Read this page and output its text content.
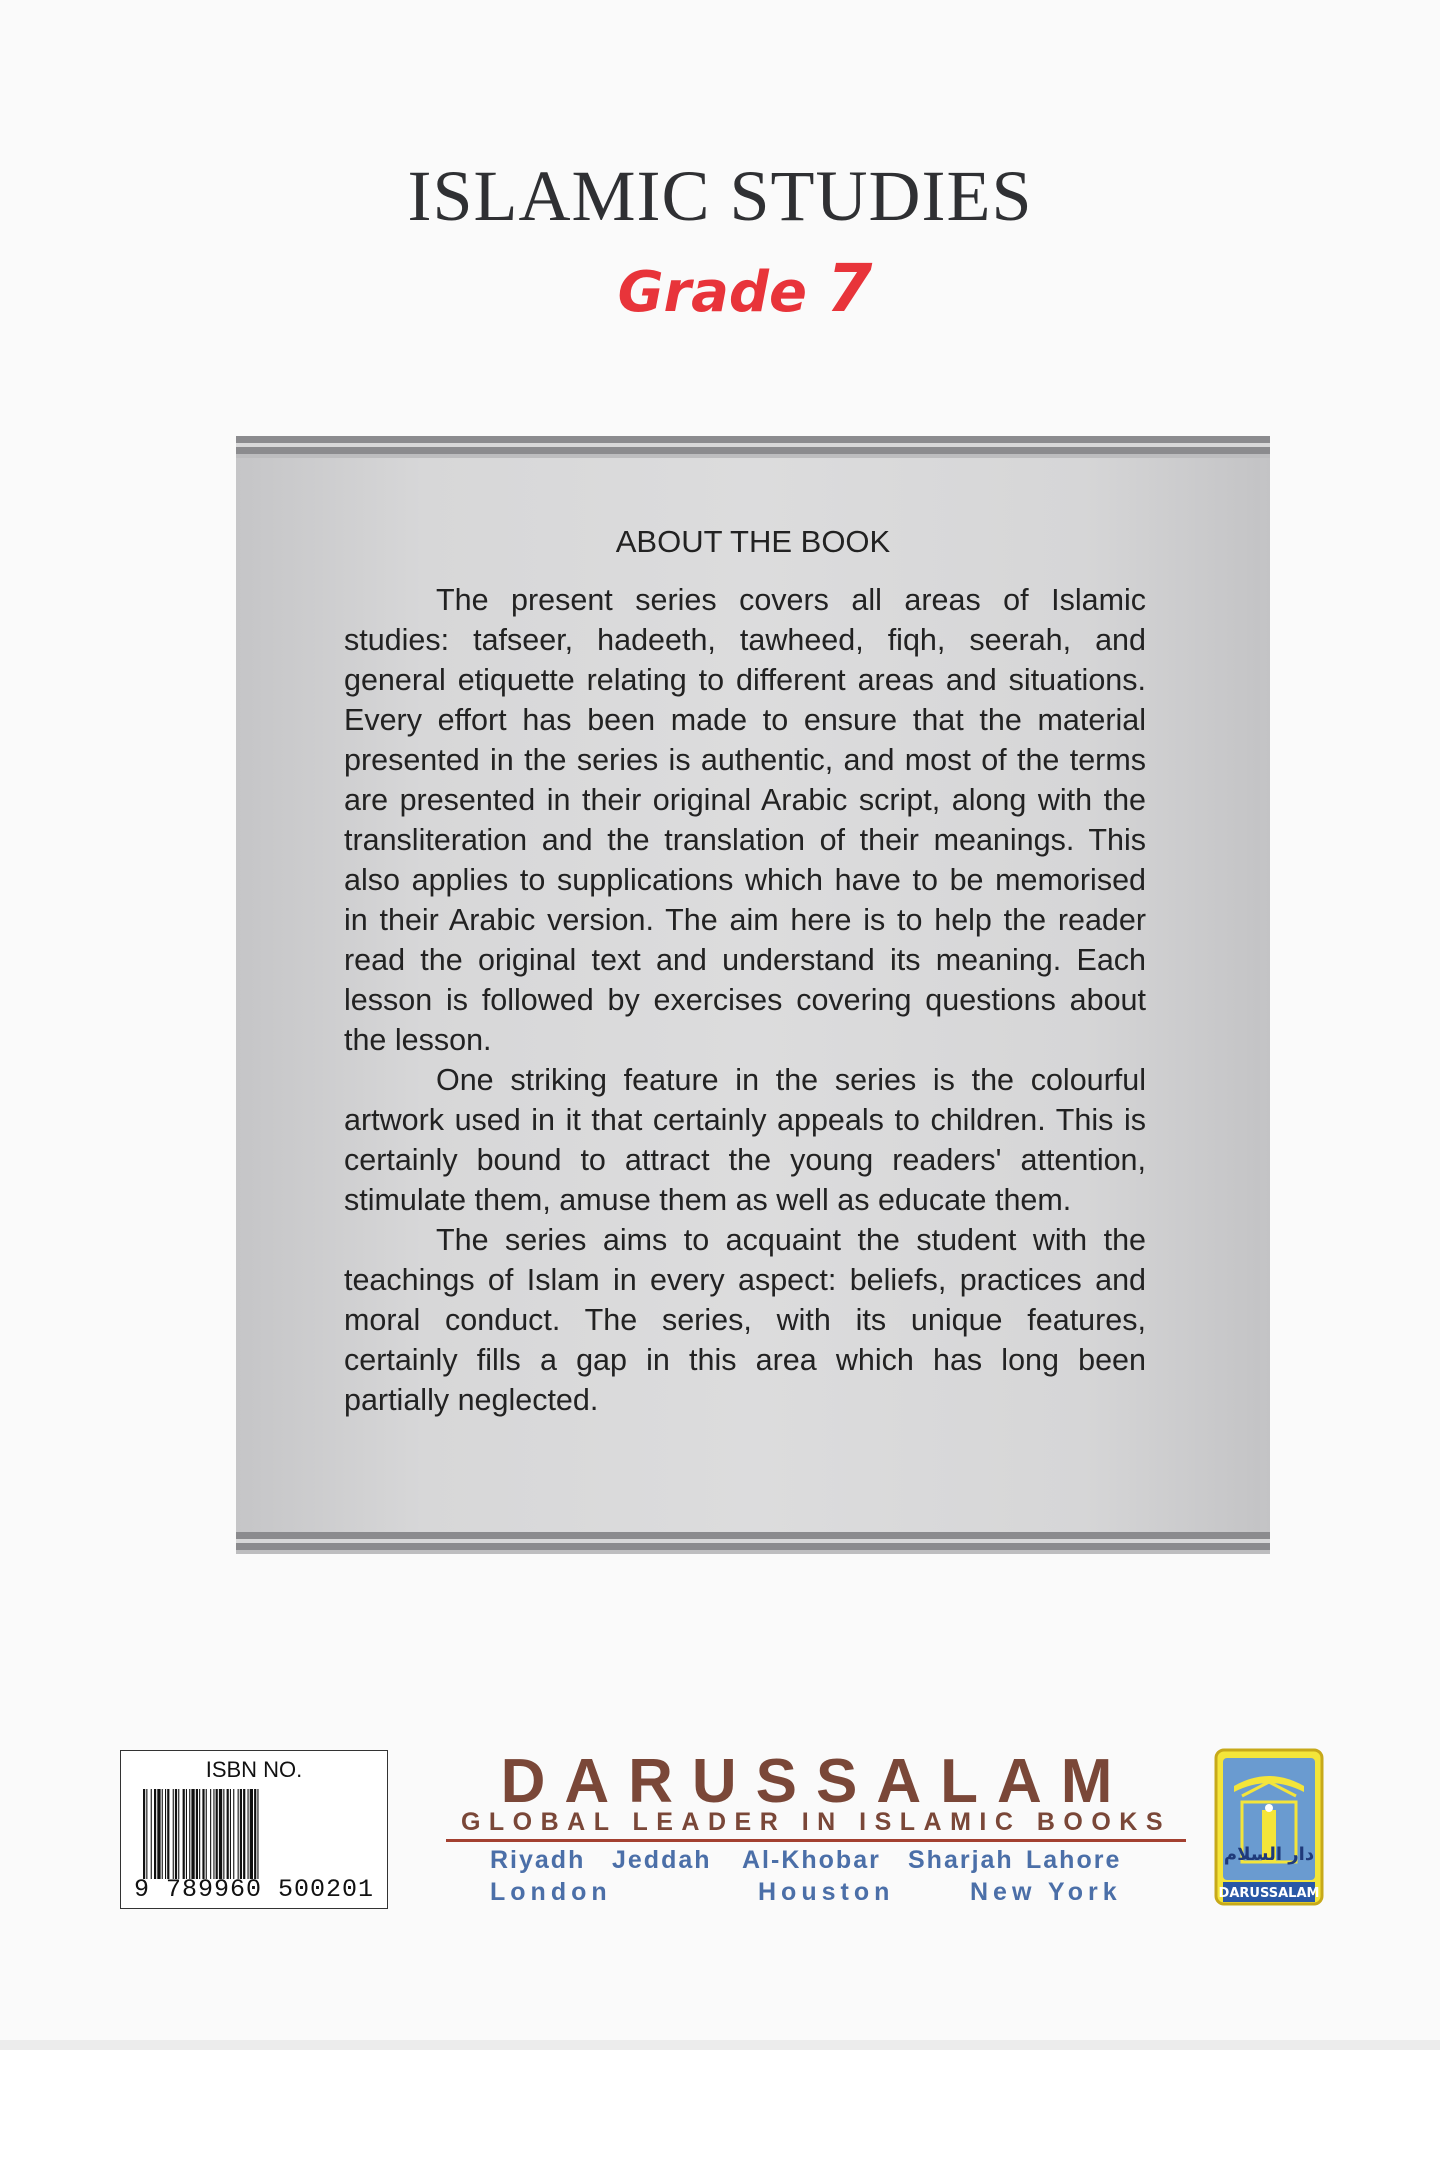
ISLAMIC STUDIES
Grade 7
ABOUT THE BOOK

The present series covers all areas of Islamic studies: tafseer, hadeeth, tawheed, fiqh, seerah, and general etiquette relating to different areas and situations. Every effort has been made to ensure that the material presented in the series is authentic, and most of the terms are presented in their original Arabic script, along with the transliteration and the translation of their meanings. This also applies to supplications which have to be memorised in their Arabic version. The aim here is to help the reader read the original text and understand its meaning. Each lesson is followed by exercises covering questions about the lesson.

One striking feature in the series is the colourful artwork used in it that certainly appeals to children. This is certainly bound to attract the young readers' attention, stimulate them, amuse them as well as educate them.

The series aims to acquaint the student with the teachings of Islam in every aspect: beliefs, practices and moral conduct. The series, with its unique features, certainly fills a gap in this area which has long been partially neglected.

ISBN NO.
9 789960 500201
DARUSSALAM
GLOBAL LEADER IN ISLAMIC BOOKS
Riyadh Jeddah Al-Khobar Sharjah Lahore
London	Houston	New York
دار السلام
DARUSSALAM
